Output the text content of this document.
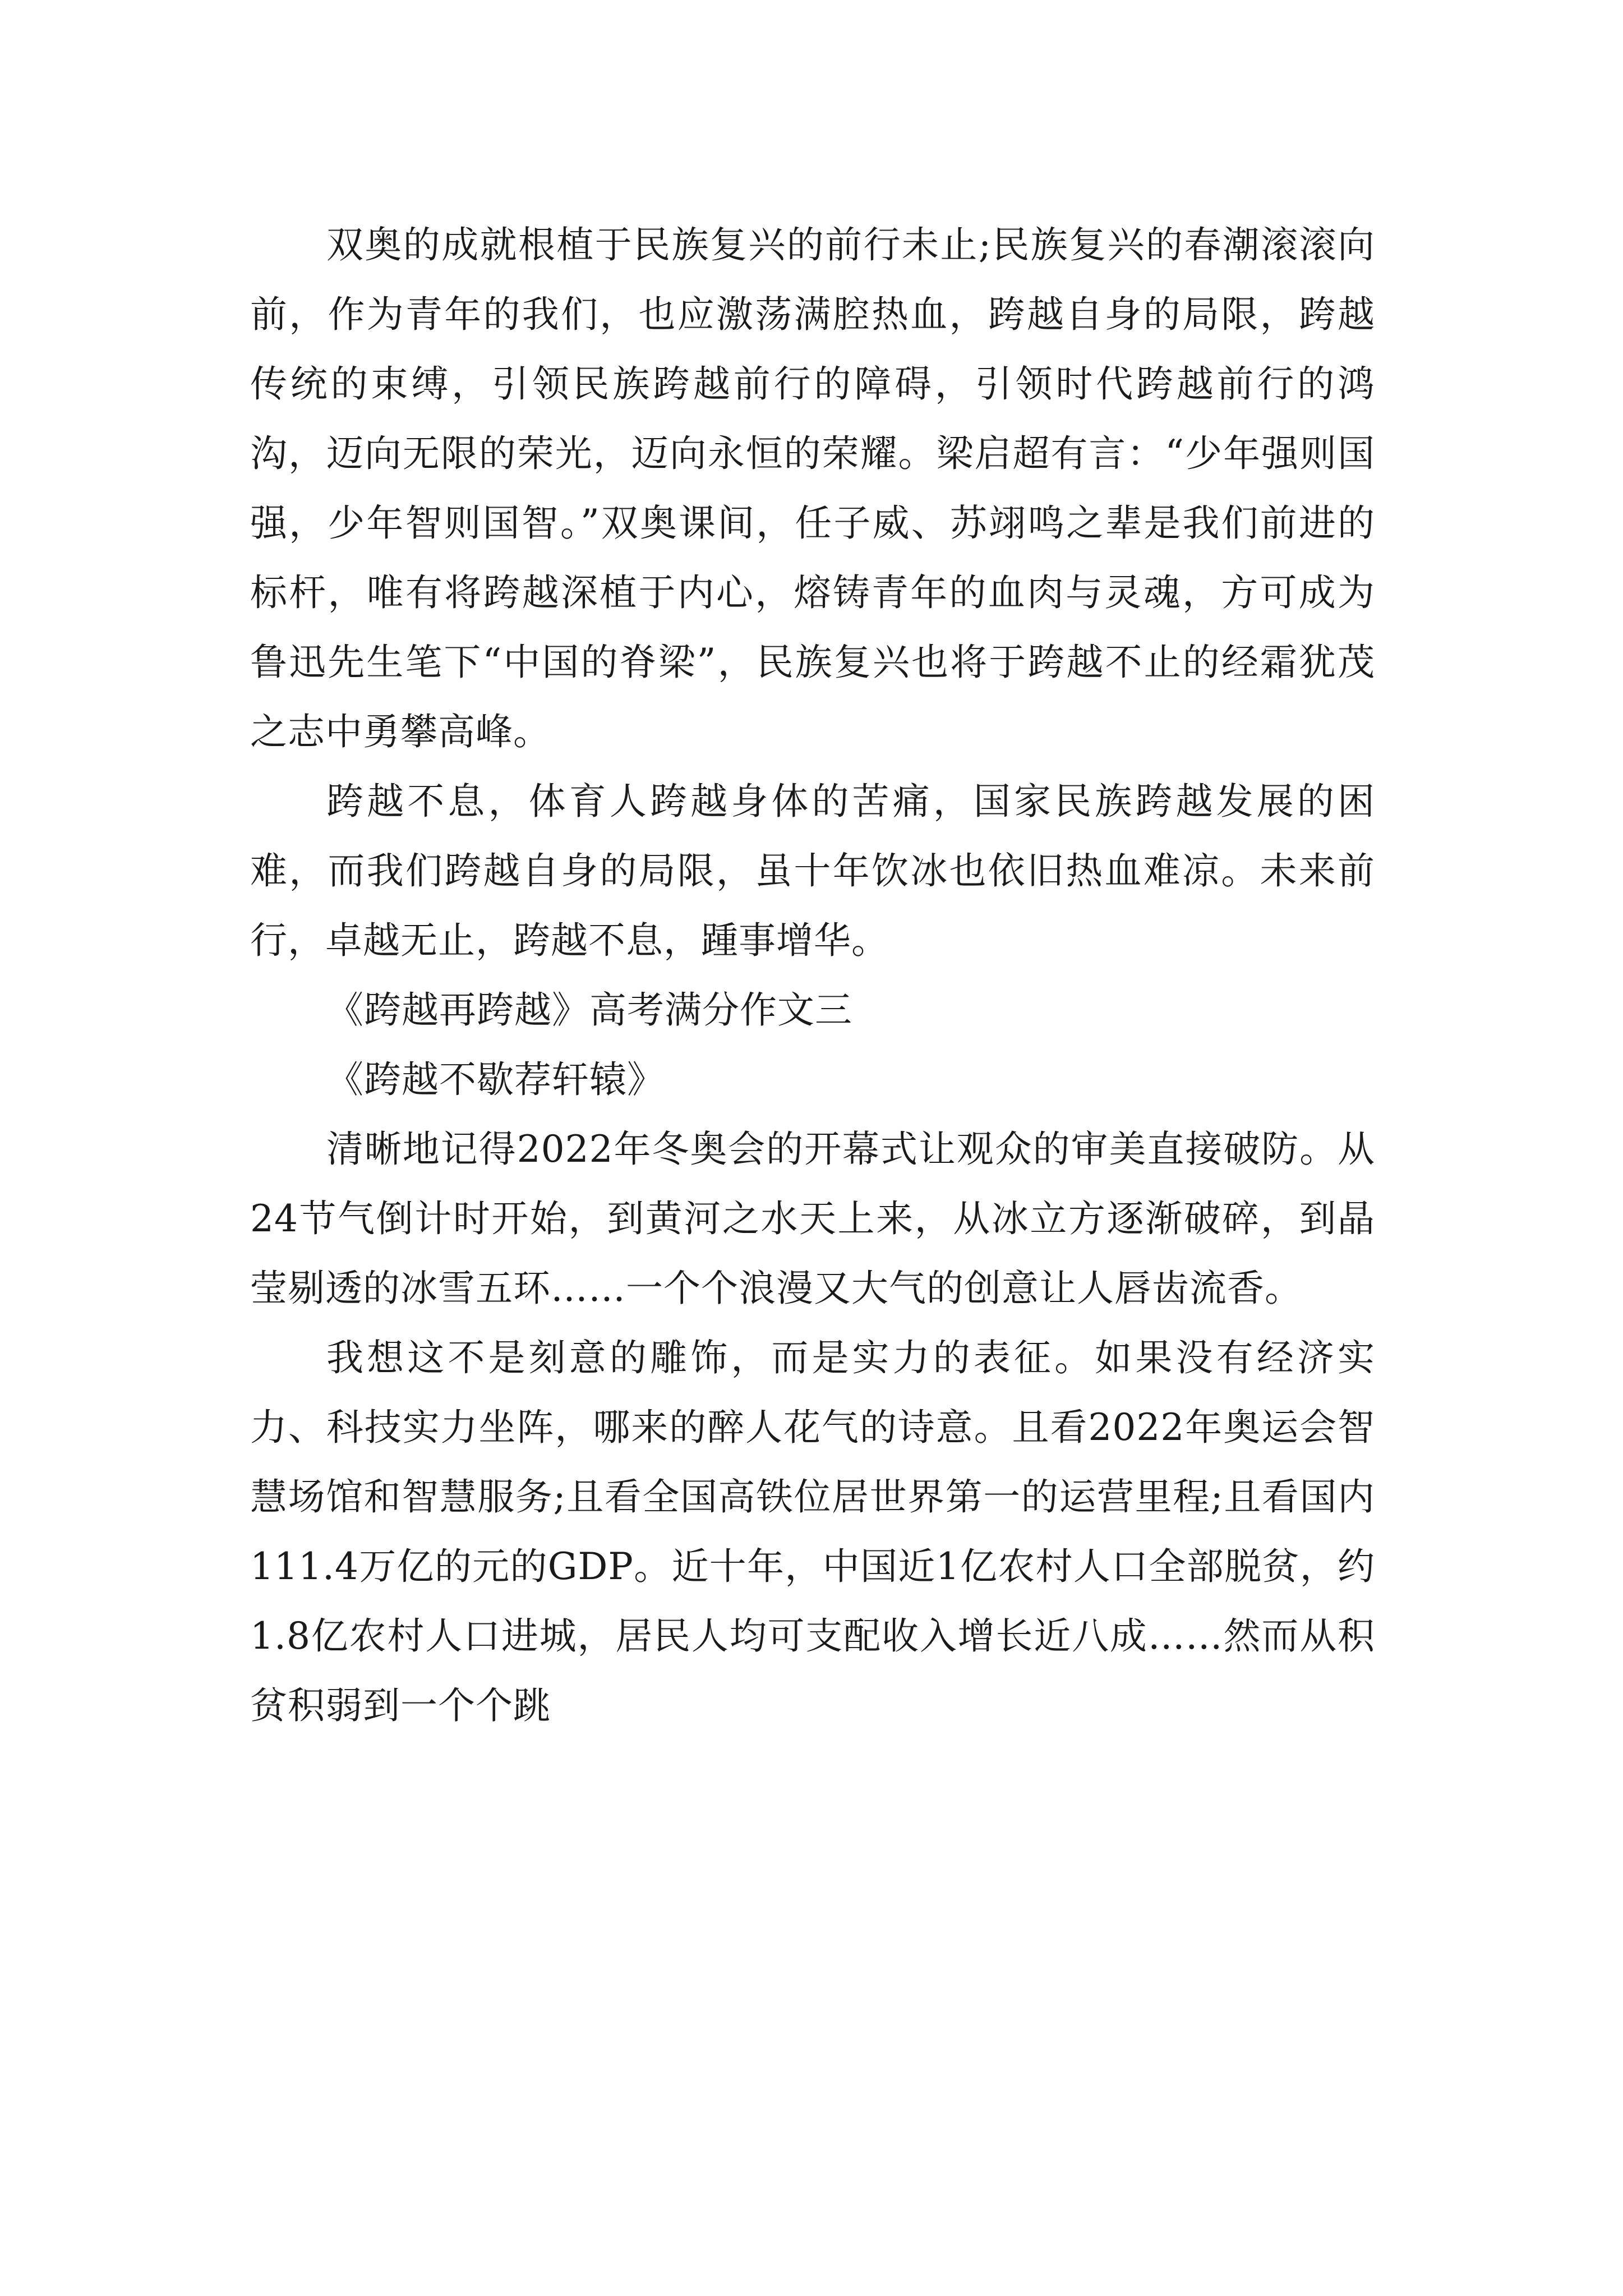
双奥的成就根植于民族复兴的前行未止;民族复兴的春潮滚滚向前，作为青年的我们，也应激荡满腔热血，跨越自身的局限，跨越传统的束缚，引领民族跨越前行的障碍，引领时代跨越前行的鸿沟，迈向无限的荣光，迈向永恒的荣耀。梁启超有言：“少年强则国强，少年智则国智。”双奥课间，任子威、苏翊鸣之辈是我们前进的标杆，唯有将跨越深植于内心，熔铸青年的血肉与灵魂，方可成为鲁迅先生笔下“中国的脊梁”，民族复兴也将于跨越不止的经霜犹茂之志中勇攀高峰。

跨越不息，体育人跨越身体的苦痛，国家民族跨越发展的困难，而我们跨越自身的局限，虽十年饮冰也依旧热血难凉。未来前行，卓越无止，跨越不息，踵事增华。

《跨越再跨越》高考满分作文三

《跨越不歇荐轩辕》

清晰地记得2022年冬奥会的开幕式让观众的审美直接破防。从24节气倒计时开始，到黄河之水天上来，从冰立方逐渐破碎，到晶莹剔透的冰雪五环……一个个浪漫又大气的创意让人唇齿流香。

我想这不是刻意的雕饰，而是实力的表征。如果没有经济实力、科技实力坐阵，哪来的醉人花气的诗意。且看2022年奥运会智慧场馆和智慧服务;且看全国高铁位居世界第一的运营里程;且看国内111.4万亿的元的GDP。近十年，中国近1亿农村人口全部脱贫，约1.8亿农村人口进城，居民人均可支配收入增长近八成……然而从积贫积弱到一个个跳
